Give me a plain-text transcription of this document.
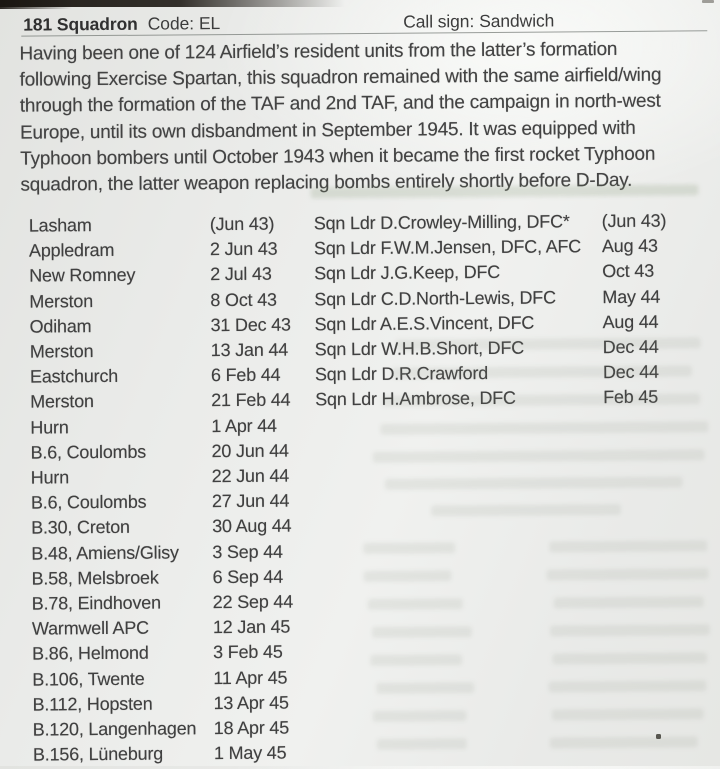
181 Squadron Code: EL	Call sign: Sandwich
Having been one of 124 Airfield’s resident units from the latter’s formation
following Exercise Spartan, this squadron remained with the same airfield/wing
through the formation of the TAF and 2nd TAF, and the campaign in north-west
Europe, until its own disbandment in September 1945. It was equipped with
Typhoon bombers until October 1943 when it became the first rocket Typhoon
squadron, the latter weapon replacing bombs entirely shortly before D-Day.
Lasham	(Jun 43)	Sqn Ldr D.Crowley-Milling, DFC*	(Jun 43)
Appledram	2 Jun 43	Sqn Ldr F.W.M.Jensen, DFC, AFC	Aug 43
New Romney	2 Jul 43	Sqn Ldr J.G.Keep, DFC	Oct 43
Merston	8 Oct 43	Sqn Ldr C.D.North-Lewis, DFC	May 44
Odiham	31 Dec 43	Sqn Ldr A.E.S.Vincent, DFC	Aug 44
Merston	13 Jan 44	Sqn Ldr W.H.B.Short, DFC	Dec 44
Eastchurch	6 Feb 44	Sqn Ldr D.R.Crawford	Dec 44
Merston	21 Feb 44	Sqn Ldr H.Ambrose, DFC	Feb 45
Hurn	1 Apr 44
B.6, Coulombs	20 Jun 44
Hurn	22 Jun 44
B.6, Coulombs	27 Jun 44
B.30, Creton	30 Aug 44
B.48, Amiens/Glisy	3 Sep 44
B.58, Melsbroek	6 Sep 44
B.78, Eindhoven	22 Sep 44
Warmwell APC	12 Jan 45
B.86, Helmond	3 Feb 45
B.106, Twente	11 Apr 45
B.112, Hopsten	13 Apr 45
B.120, Langenhagen 18 Apr 45
B.156, Lüneburg	1 May 45
